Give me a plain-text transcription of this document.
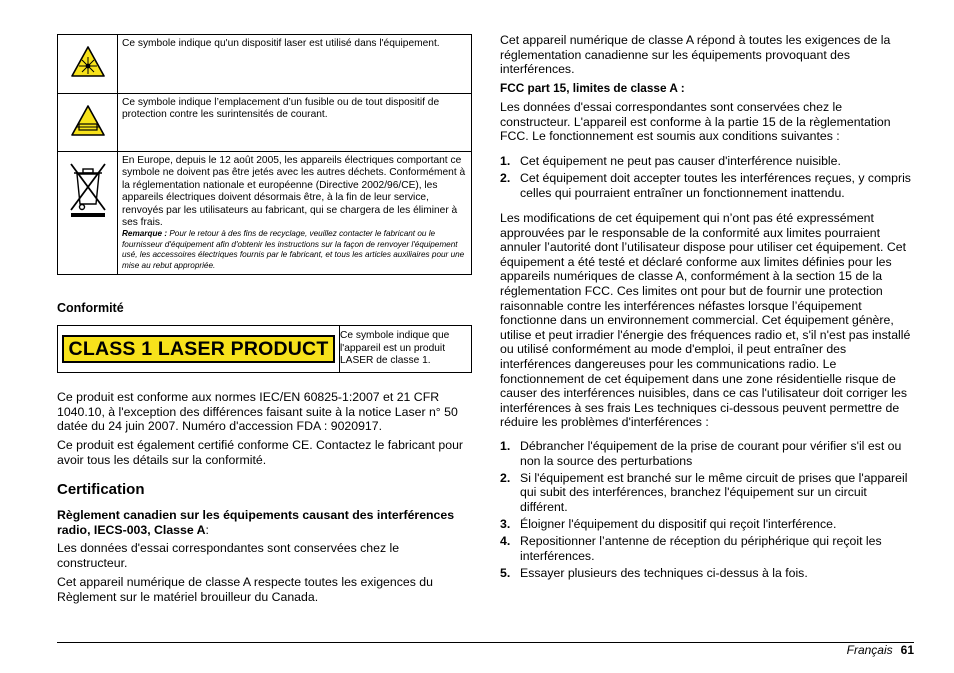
	Ce symbole indique qu'un dispositif laser est utilisé dans l'équipement.
	Ce symbole indique l’emplacement d’un fusible ou de tout dispositif de protection contre les surintensités de courant.
	En Europe, depuis le 12 août 2005, les appareils électriques comportant ce symbole ne doivent pas être jetés avec les autres déchets. Conformément à la réglementation nationale et européenne (Directive 2002/96/CE), les appareils électriques doivent désormais être, à la fin de leur service, renvoyés par les utilisateurs au fabricant, qui se chargera de les éliminer à ses frais.
Remarque : Pour le retour à des fins de recyclage, veuillez contacter le fabricant ou le fournisseur d'équipement afin d'obtenir les instructions sur la façon de renvoyer l'équipement usé, les accessoires électriques fournis par le fabricant, et tous les articles auxiliaires pour une mise au rebut appropriée.
Conformité
CLASS 1 LASER PRODUCT	Ce symbole indique que l'appareil est un produit LASER de classe 1.
Ce produit est conforme aux normes IEC/EN 60825-1:2007 et 21 CFR 1040.10, à l'exception des différences faisant suite à la notice Laser n° 50 datée du 24 juin 2007. Numéro d'accession FDA : 9020917.
Ce produit est également certifié conforme CE. Contactez le fabricant pour avoir tous les détails sur la conformité.
Certification
Règlement canadien sur les équipements causant des interférences radio, IECS-003, Classe A:
Les données d'essai correspondantes sont conservées chez le constructeur.
Cet appareil numérique de classe A respecte toutes les exigences du Règlement sur le matériel brouilleur du Canada.
Cet appareil numérique de classe A répond à toutes les exigences de la réglementation canadienne sur les équipements provoquant des interférences.
FCC part 15, limites de classe A :
Les données d'essai correspondantes sont conservées chez le constructeur. L'appareil est conforme à la partie 15 de la règlementation FCC. Le fonctionnement est soumis aux conditions suivantes :
1. Cet équipement ne peut pas causer d'interférence nuisible.
2. Cet équipement doit accepter toutes les interférences reçues, y compris celles qui pourraient entraîner un fonctionnement inattendu.
Les modifications de cet équipement qui n’ont pas été expressément approuvées par le responsable de la conformité aux limites pourraient annuler l’autorité dont l’utilisateur dispose pour utiliser cet équipement. Cet équipement a été testé et déclaré conforme aux limites définies pour les appareils numériques de classe A, conformément à la section 15 de la réglementation FCC. Ces limites ont pour but de fournir une protection raisonnable contre les interférences néfastes lorsque l’équipement fonctionne dans un environnement commercial. Cet équipement génère, utilise et peut irradier l'énergie des fréquences radio et, s'il n'est pas installé ou utilisé conformément au mode d'emploi, il peut entraîner des interférences dangereuses pour les communications radio. Le fonctionnement de cet équipement dans une zone résidentielle risque de causer des interférences nuisibles, dans ce cas l'utilisateur doit corriger les interférences à ses frais Les techniques ci-dessous peuvent permettre de réduire les problèmes d'interférences :
1. Débrancher l'équipement de la prise de courant pour vérifier s'il est ou non la source des perturbations
2. Si l'équipement est branché sur le même circuit de prises que l'appareil qui subit des interférences, branchez l'équipement sur un circuit différent.
3. Éloigner l'équipement du dispositif qui reçoit l'interférence.
4. Repositionner l’antenne de réception du périphérique qui reçoit les interférences.
5. Essayer plusieurs des techniques ci-dessus à la fois.
Français 61
